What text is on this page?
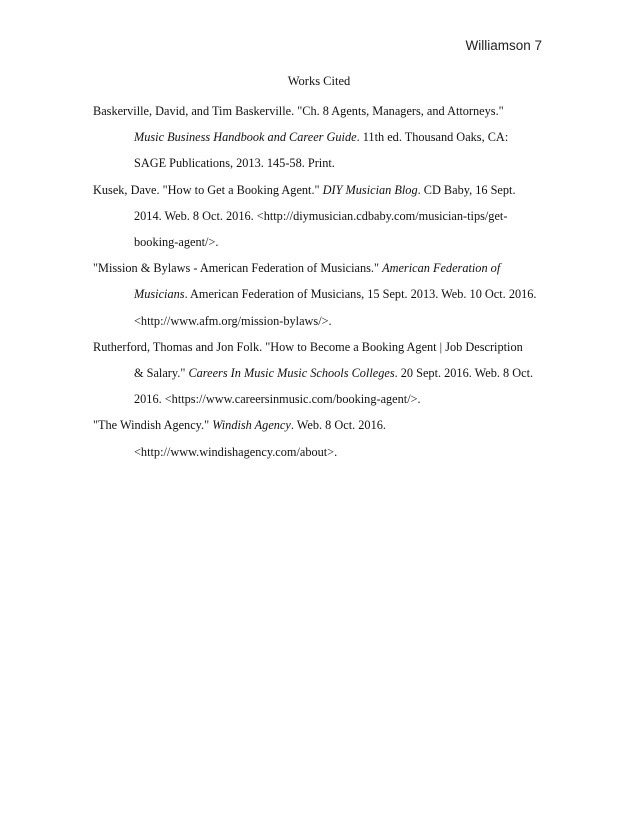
Williamson 7
Works Cited
Baskerville, David, and Tim Baskerville. "Ch. 8 Agents, Managers, and Attorneys."
Music Business Handbook and Career Guide. 11th ed. Thousand Oaks, CA:
SAGE Publications, 2013. 145-58. Print.
Kusek, Dave. "How to Get a Booking Agent." DIY Musician Blog. CD Baby, 16 Sept.
2014. Web. 8 Oct. 2016. <http://diymusician.cdbaby.com/musician-tips/get-
booking-agent/>.
"Mission & Bylaws - American Federation of Musicians." American Federation of
Musicians. American Federation of Musicians, 15 Sept. 2013. Web. 10 Oct. 2016.
<http://www.afm.org/mission-bylaws/>.
Rutherford, Thomas and Jon Folk. "How to Become a Booking Agent | Job Description
& Salary." Careers In Music Music Schools Colleges. 20 Sept. 2016. Web. 8 Oct.
2016. <https://www.careersinmusic.com/booking-agent/>.
"The Windish Agency." Windish Agency. Web. 8 Oct. 2016.
<http://www.windishagency.com/about>.
